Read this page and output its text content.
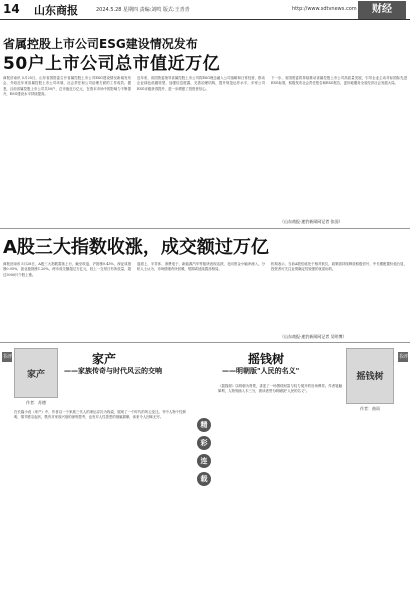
14 山东商报	2024.5.28 星期四 责编:刘鸣 版式:王青青	http://www.sdtvnews.com	财经
省属控股上市公司ESG建设情况发布
50户上市公司总市值近万亿
商报济南讯 5月25日，山东省国资委召开省属控股上市公司ESG建设情况新闻发布会，介绍近年来省属控股上市公司环境、社会责任和公司治理方面的工作成效。据悉，目前省属控股上市公司共50户，总市值近万亿元，在资本市场中的影响力不断提升，ESG建设水平持续提高。
近年来，省国资委指导省属控股上市公司将ESG理念融入公司战略和日常经营，推动企业绿色低碳转型，加强信息披露，完善治理结构，提升规范运作水平，多家公司ESG评级获得提升，进一步增强了投资者信心。
下一步，省国资委将持续推动省属控股上市公司高质量发展，引导企业主动对标国际先进ESG标准，积极发布社会责任报告和ESG报告，更好地服务全省经济社会发展大局。
（山东商报·速豹新闻网记者 张国）
A股三大指数收涨，成交额过万亿
商报济南讯 5月28日，A股三大指数震荡上行，截至收盘，沪指涨0.43%，深证成指涨0.95%，创业板指涨1.20%。两市成交额超过万亿元，较上一交易日有所放量，超过3000只个股上涨。
盘面上，半导体、消费电子、新能源汽车等板块表现活跃，北向资金小幅净流入。分析人士认为，市场情绪有所回暖，短期或延续震荡格局。
机构表示，当前A股估值处于相对低位，政策面持续释放积极信号，中长期配置价值凸显，投资者可关注业绩确定性较强的优质标的。
（山东商报·速豹新闻网记者 吴明博）
书评
家产
家产
——家族传奇与时代风云的交响
作者：苏德
在长篇小说《家产》中，作者以一个家族三代人的命运浮沉为线索，展现了一个时代的风云变迁。书中人物个性鲜明，情节跌宕起伏，既有对家族兴衰的深刻思考，也有对人性善恶的细腻描摹，读来令人回味无穷。
精
彩
连
载
书评
摇钱树
——明朝版"人民的名义"
摇钱树
作者：曲雨
《摇钱树》以明朝为背景，讲述了一场围绕财富与权力展开的官场博弈。作者笔触犀利，人物刻画入木三分，被读者誉为明朝版"人民的名义"。
